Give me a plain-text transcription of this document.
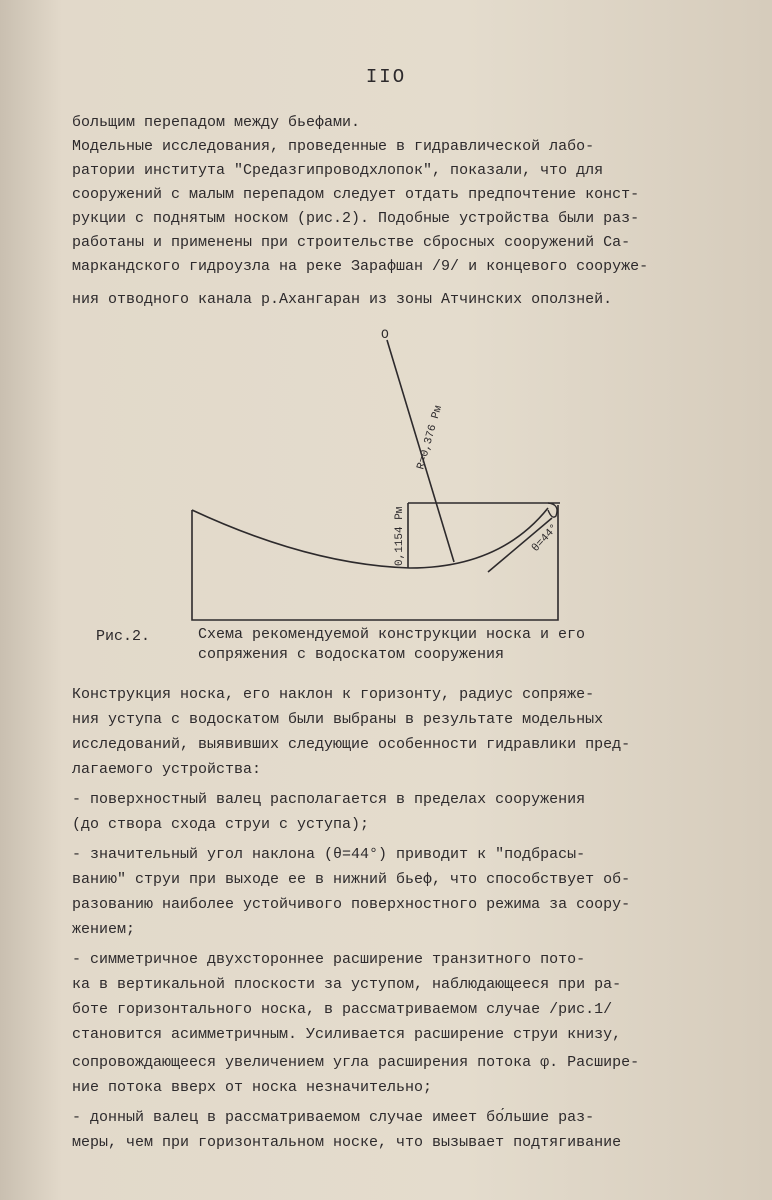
IIO
больщим перепадом между бьефами.
Модельные исследования, проведенные в гидравлической лабо-
ратории института "Средазгипроводхлопок", показали, что для
сооружений с малым перепадом следует отдать предпочтение конст-
рукции с поднятым носком (рис.2). Подобные устройства были раз-
работаны и применены при строительстве сбросных сооружений Са-
маркандского гидроузла на реке Зарафшан /9/ и концевого сооруже-
ния отводного канала р.Ахангаран из зоны Атчинских оползней.
O
R=0,376 Pм
0,1154 Pм	θ=44°
Рис.2.	Схема рекомендуемой конструкции носка и его
сопряжения с водоскатом сооружения
Конструкция носка, его наклон к горизонту, радиус сопряже-
ния уступа с водоскатом были выбраны в результате модельных
исследований, выявивших следующие особенности гидравлики пред-
лагаемого устройства:
- поверхностный валец располагается в пределах сооружения
(до створа схода струи с уступа);
- значительный угол наклона (θ=44°) приводит к "подбрасы-
ванию" струи при выходе ее в нижний бьеф, что способствует об-
разованию наиболее устойчивого поверхностного режима за соору-
жением;
- симметричное двухстороннее расширение транзитного пото-
ка в вертикальной плоскости за уступом, наблюдающееся при ра-
боте горизонтального носка, в рассматриваемом случае /рис.1/
становится асимметричным. Усиливается расширение струи книзу,
сопровождающееся увеличением угла расширения потока φ. Расшире-
ние потока вверх от носка незначительно;
- донный валец в рассматриваемом случае имеет бо́льшие раз-
меры, чем при горизонтальном носке, что вызывает подтягивание
